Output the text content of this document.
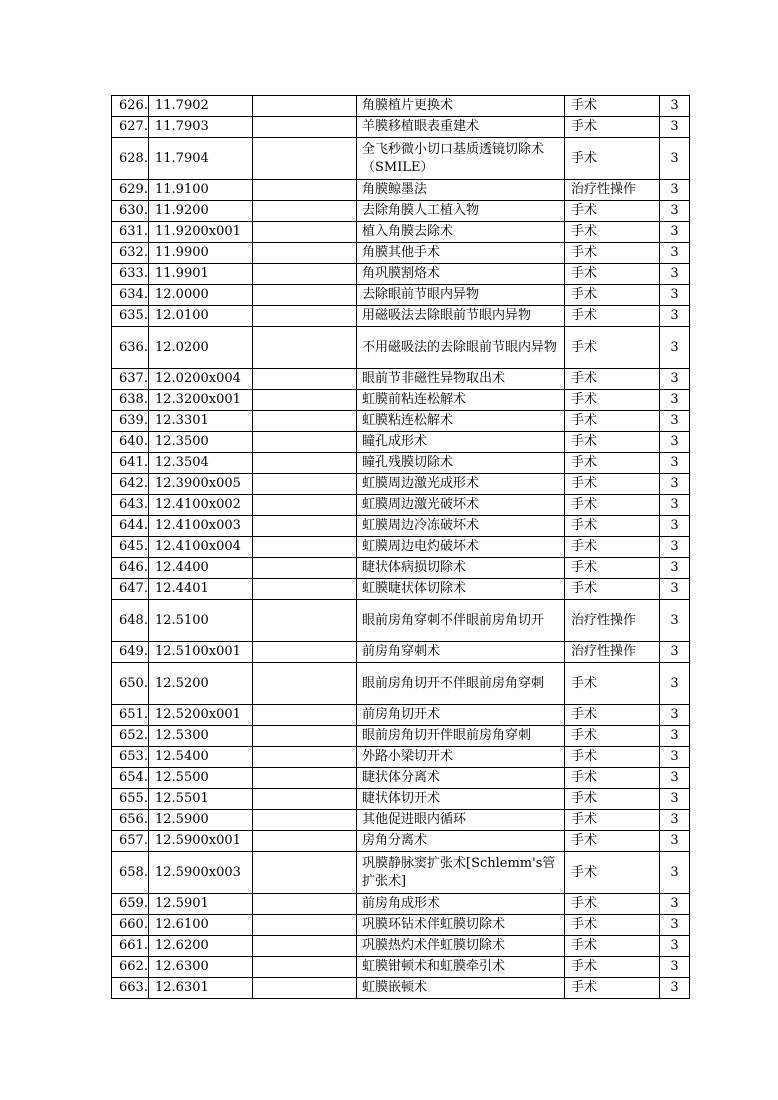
626.	11.7902		角膜植片更换术	手术	3
627.	11.7903		羊膜移植眼表重建术	手术	3
628.	11.7904		全飞秒微小切口基质透镜切除术（SMILE）	手术	3
629.	11.9100		角膜鲸墨法	治疗性操作	3
630.	11.9200		去除角膜人工植入物	手术	3
631.	11.9200x001		植入角膜去除术	手术	3
632.	11.9900		角膜其他手术	手术	3
633.	11.9901		角巩膜割烙术	手术	3
634.	12.0000		去除眼前节眼内异物	手术	3
635.	12.0100		用磁吸法去除眼前节眼内异物	手术	3
636.	12.0200		不用磁吸法的去除眼前节眼内异物	手术	3
637.	12.0200x004		眼前节非磁性异物取出术	手术	3
638.	12.3200x001		虹膜前粘连松解术	手术	3
639.	12.3301		虹膜粘连松解术	手术	3
640.	12.3500		瞳孔成形术	手术	3
641.	12.3504		瞳孔残膜切除术	手术	3
642.	12.3900x005		虹膜周边激光成形术	手术	3
643.	12.4100x002		虹膜周边激光破坏术	手术	3
644.	12.4100x003		虹膜周边冷冻破坏术	手术	3
645.	12.4100x004		虹膜周边电灼破坏术	手术	3
646.	12.4400		睫状体病损切除术	手术	3
647.	12.4401		虹膜睫状体切除术	手术	3
648.	12.5100		眼前房角穿刺不伴眼前房角切开	治疗性操作	3
649.	12.5100x001		前房角穿刺术	治疗性操作	3
650.	12.5200		眼前房角切开不伴眼前房角穿刺	手术	3
651.	12.5200x001		前房角切开术	手术	3
652.	12.5300		眼前房角切开伴眼前房角穿刺	手术	3
653.	12.5400		外路小梁切开术	手术	3
654.	12.5500		睫状体分离术	手术	3
655.	12.5501		睫状体切开术	手术	3
656.	12.5900		其他促进眼内循环	手术	3
657.	12.5900x001		房角分离术	手术	3
658.	12.5900x003		巩膜静脉窦扩张术[Schlemm's管扩张术]	手术	3
659.	12.5901		前房角成形术	手术	3
660.	12.6100		巩膜环钻术伴虹膜切除术	手术	3
661.	12.6200		巩膜热灼术伴虹膜切除术	手术	3
662.	12.6300		虹膜钳顿术和虹膜牵引术	手术	3
663.	12.6301		虹膜嵌顿术	手术	3
